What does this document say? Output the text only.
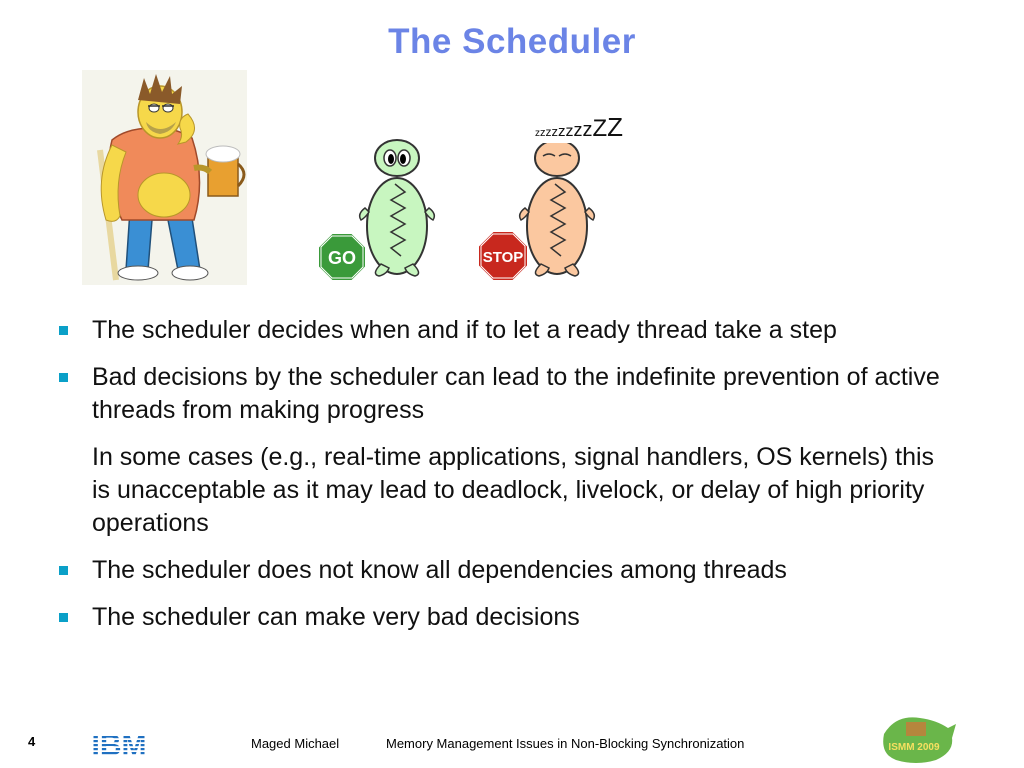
The Scheduler
GO	STOP
zzzzzzzzZZ
The scheduler decides when and if to let a ready thread take a step
Bad decisions by the scheduler can lead to the indefinite prevention of active threads from making progress
In some cases (e.g., real-time applications, signal handlers, OS kernels) this is unacceptable as it may lead to deadlock, livelock, or delay of high priority operations
The scheduler does not know all dependencies among threads
The scheduler can make very bad decisions
4 IBM	Maged Michael	Memory Management Issues in Non-Blocking Synchronization	ISMM 2009
